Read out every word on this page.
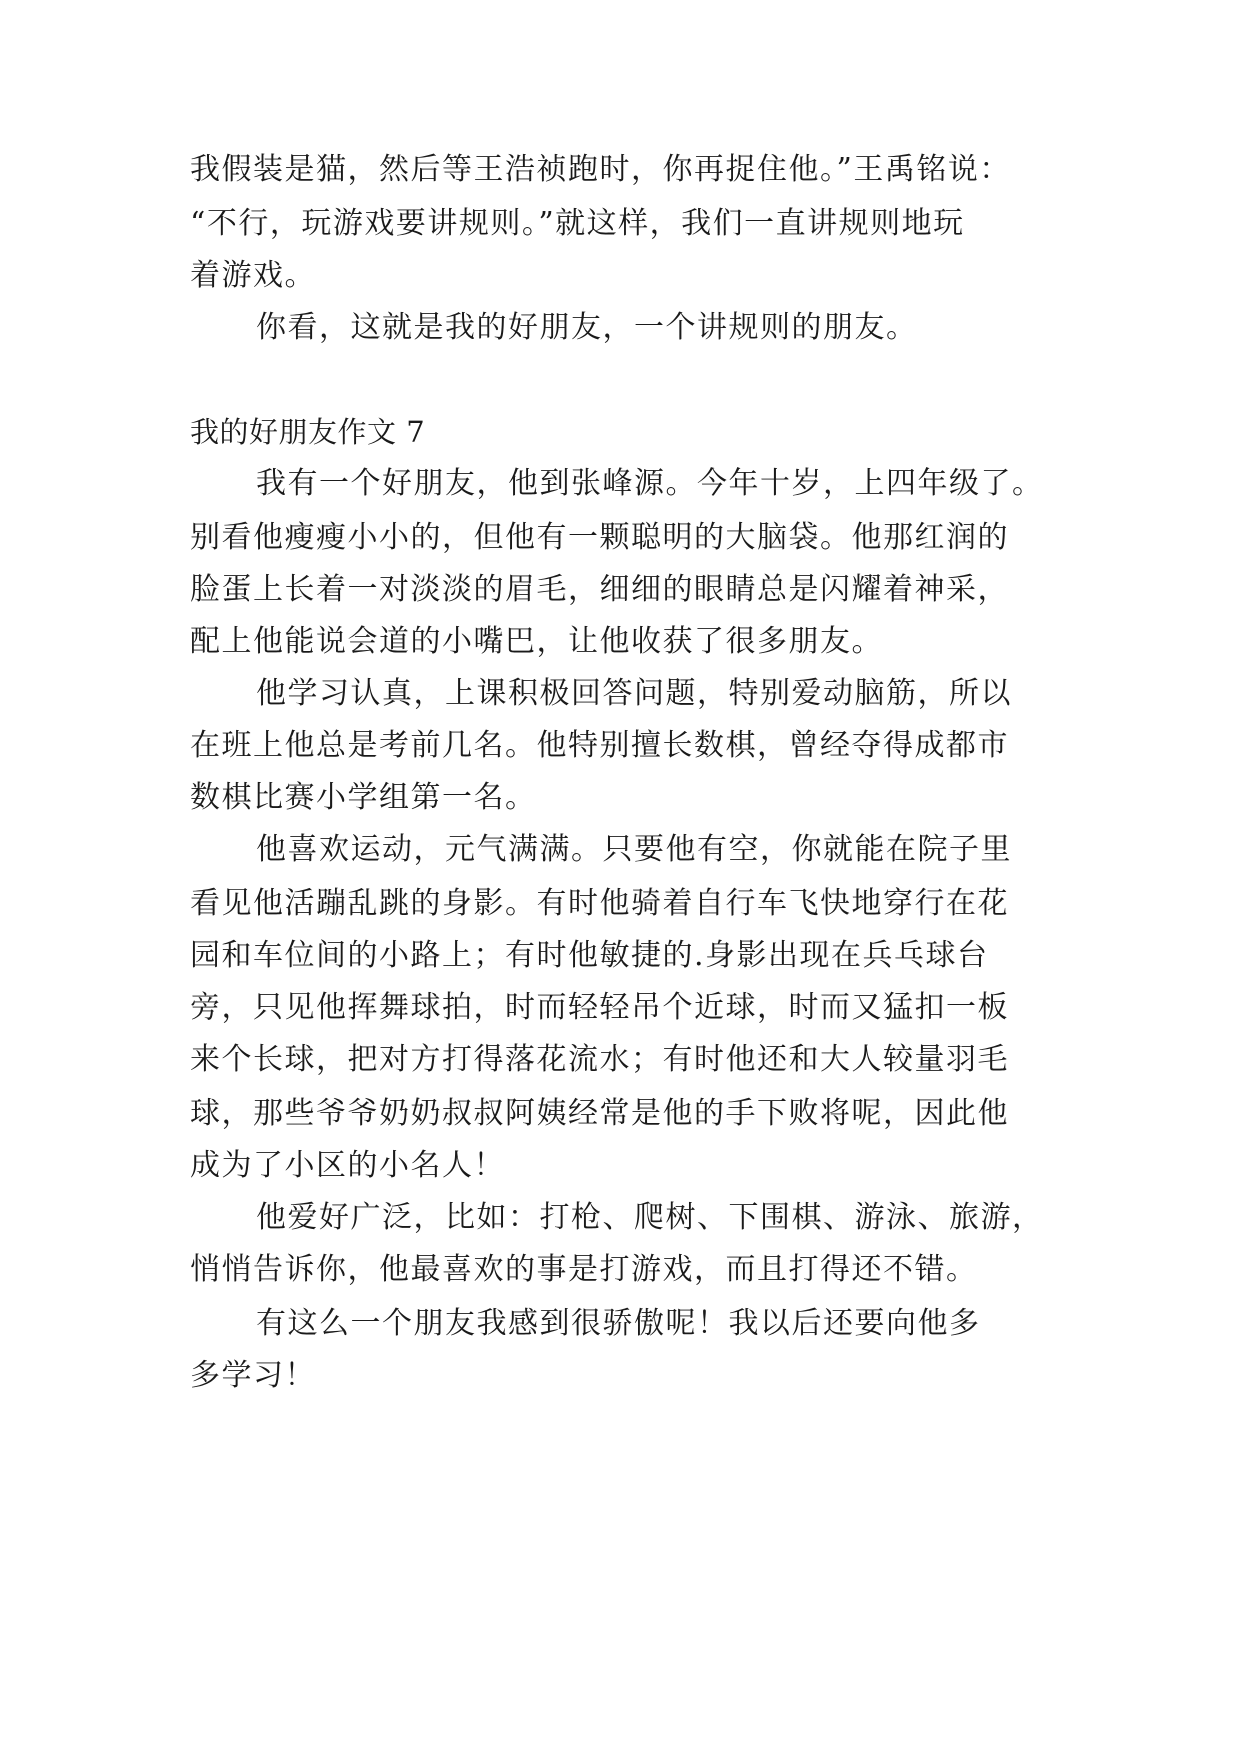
我假装是猫，然后等王浩祯跑时，你再捉住他。”王禹铭说：
“不行，玩游戏要讲规则。”就这样，我们一直讲规则地玩
着游戏。
你看，这就是我的好朋友，一个讲规则的朋友。
我的好朋友作文 7
我有一个好朋友，他到张峰源。今年十岁，上四年级了。
别看他瘦瘦小小的，但他有一颗聪明的大脑袋。他那红润的
脸蛋上长着一对淡淡的眉毛，细细的眼睛总是闪耀着神采，
配上他能说会道的小嘴巴，让他收获了很多朋友。
他学习认真，上课积极回答问题，特别爱动脑筋，所以
在班上他总是考前几名。他特别擅长数棋，曾经夺得成都市
数棋比赛小学组第一名。
他喜欢运动，元气满满。只要他有空，你就能在院子里
看见他活蹦乱跳的身影。有时他骑着自行车飞快地穿行在花
园和车位间的小路上；有时他敏捷的.身影出现在兵乓球台
旁，只见他挥舞球拍，时而轻轻吊个近球，时而又猛扣一板
来个长球，把对方打得落花流水；有时他还和大人较量羽毛
球，那些爷爷奶奶叔叔阿姨经常是他的手下败将呢，因此他
成为了小区的小名人！
他爱好广泛，比如：打枪、爬树、下围棋、游泳、旅游，
悄悄告诉你，他最喜欢的事是打游戏，而且打得还不错。
有这么一个朋友我感到很骄傲呢！我以后还要向他多
多学习！
